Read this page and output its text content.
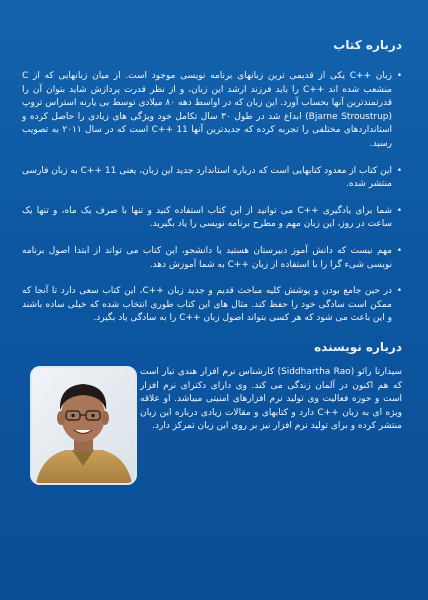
درباره کتاب
•
زبان ++C یکی از قدیمی ترین زبانهای برنامه نویسی موجود است. از میان زبانهایی که از C منشعب شده اند ++C را باید فرزند ارشد این زبان، و از نظر قدرت پردازش شاید بتوان آن را قدرتمندترین آنها بحساب آورد. این زبان که در اواسط دهه ۸۰ میلادی توسط بی یارنه استراس تروپ (Bjarne Stroustrup) ابداع شد در طول ۳۰ سال تکامل خود ویژگی های زیادی را حاصل کرده و استانداردهای مختلفی را تجربه کرده که جدیدترین آنها C++ 11 است که در سال ۲۰۱۱ به تصویب رسید.
•
این کتاب از معدود کتابهایی است که درباره استاندارد جدید این زبان، یعنی C++ 11 به زبان فارسی منتشر شده.
•
شما برای یادگیری ++C می توانید از این کتاب استفاده کنید و تنها با صرف یک ماه، و تنها یک ساعت در روز، این زبان مهم و مطرح برنامه نویسی را یاد بگیرید.
•
مهم نیست که دانش آموز دبیرستان هستید یا دانشجو، این کتاب می تواند از ابتدا اصول برنامه نویسی شیء گرا را با استفاده از زبان ++C به شما آموزش دهد.
•
در حین جامع بودن و پوشش کلیه مباحث قدیم و جدید زبان ++C، این کتاب سعی دارد تا آنجا که ممکن است سادگی خود را حفظ کند. مثال های این کتاب طوری انتخاب شده که خیلی ساده باشند و این باعث می شود که هر کسی بتواند اصول زبان ++C را به سادگی یاد بگیرد.
درباره نویسنده
سیدارتا رائو (Siddhartha Rao) کارشناس نرم افزار هندی تبار است که هم اکنون در آلمان زندگی می کند. وی دارای دکترای نرم افزار است و حوزه فعالیت وی تولید نرم افزارهای امنیتی میباشد. او علاقه ویژه ای به زبان ++C دارد و کتابهای و مقالات زیادی درباره این زبان منتشر کرده و برای تولید نرم افزار نیز بر روی این زبان تمرکز دارد.
